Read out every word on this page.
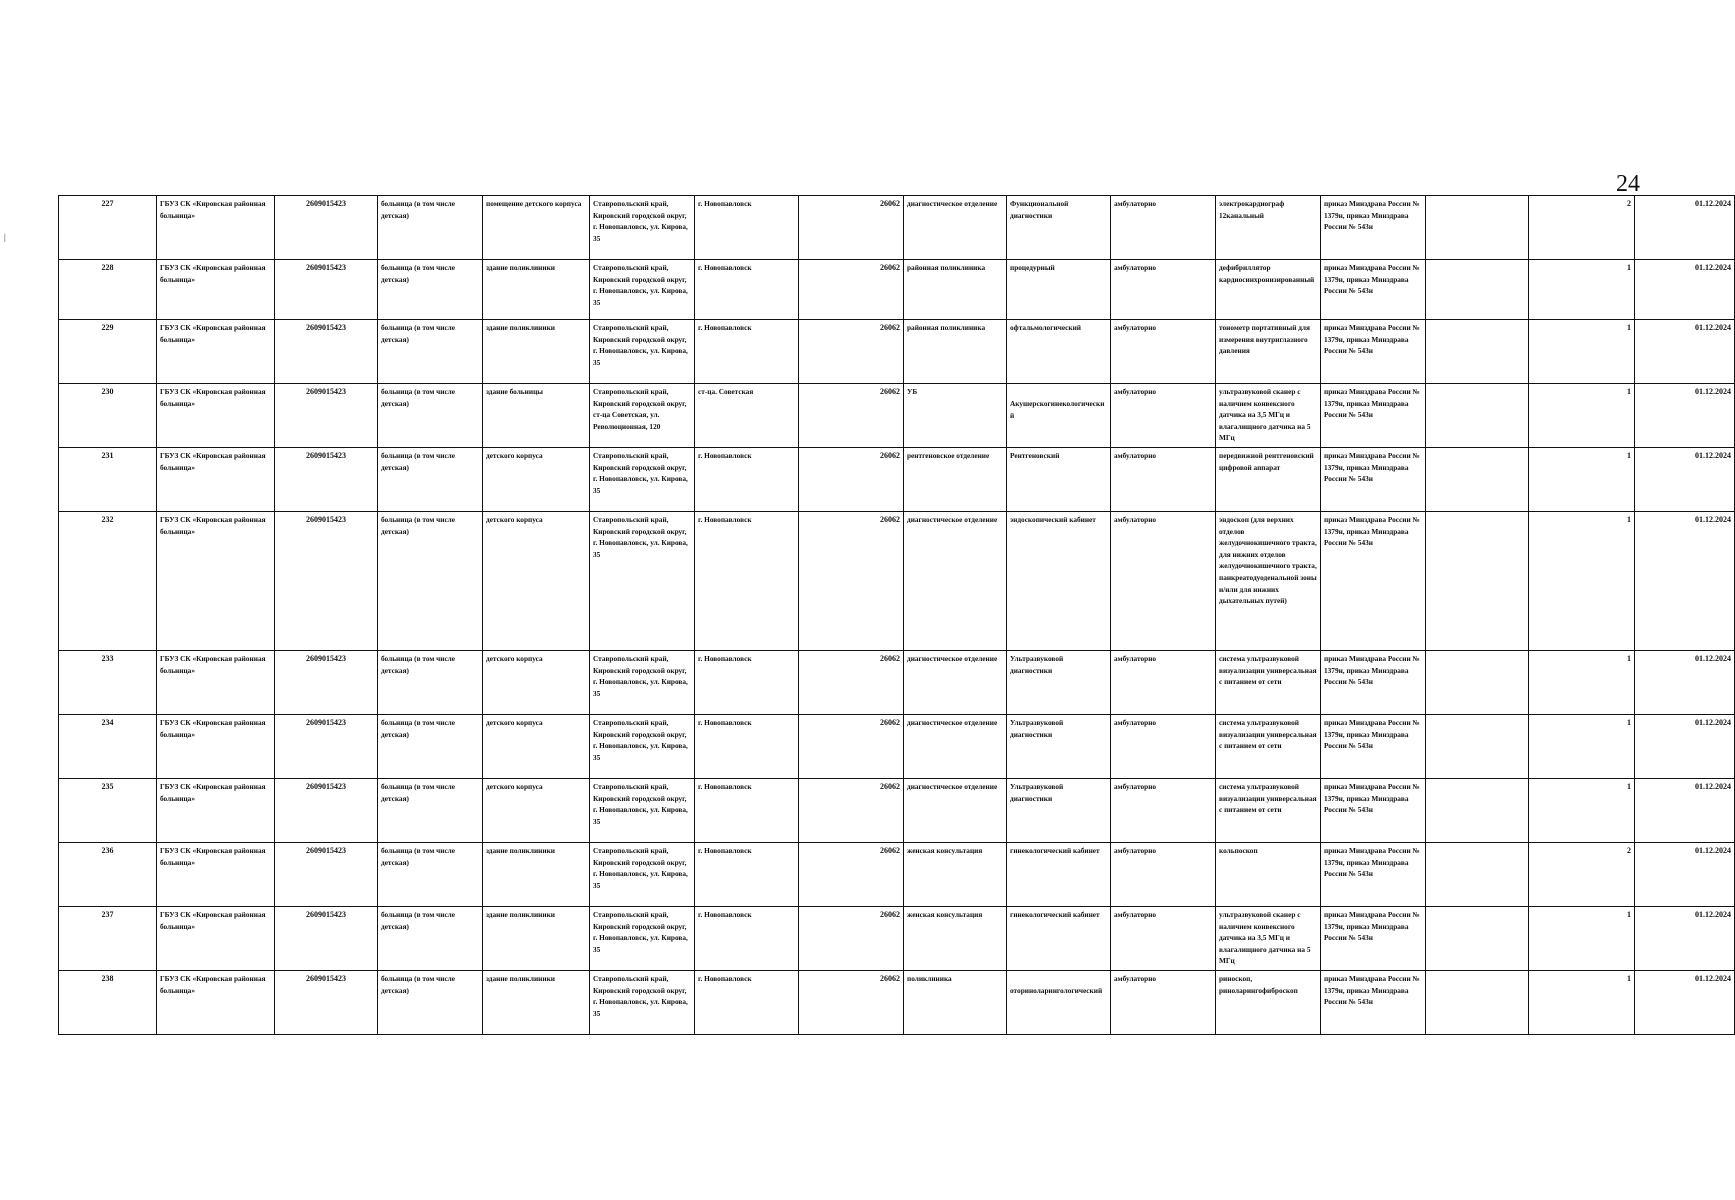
24
227	ГБУЗ СК «Кировская районная больница»	2609015423	больница (в том числе детская)	помещение детского корпуса	Ставропольский край, Кировский городской округ, г. Новопавловск, ул. Кирова, 35	г. Новопавловск	26062	диагностическое отделение	Функциональной диагностики	амбулаторно	электрокардиограф 12канальный	приказ Минздрава России № 1379н, приказ Минздрава России № 543н		2	01.12.2024
228	ГБУЗ СК «Кировская районная больница»	2609015423	больница (в том числе детская)	здание поликлиники	Ставропольский край, Кировский городской округ, г. Новопавловск, ул. Кирова, 35	г. Новопавловск	26062	районная поликлиника	процедурный	амбулаторно	дефибриллятор кардиосинхронизированный	приказ Минздрава России № 1379н, приказ Минздрава России № 543н		1	01.12.2024
229	ГБУЗ СК «Кировская районная больница»	2609015423	больница (в том числе детская)	здание поликлиники	Ставропольский край, Кировский городской округ, г. Новопавловск, ул. Кирова, 35	г. Новопавловск	26062	районная поликлиника	офтальмологический	амбулаторно	тонометр портативный для измерения внутриглазного давления	приказ Минздрава России № 1379н, приказ Минздрава России № 543н		1	01.12.2024
230	ГБУЗ СК «Кировская районная больница»	2609015423	больница (в том числе детская)	здание больницы	Ставропольский край, Кировский городской округ, ст-ца Советская, ул. Революционная, 120	ст-ца. Советская	26062	УБ	Акушерскогинекологический	амбулаторно	ультразвуковой сканер с наличием конвексного датчика на 3,5 МГц и влагалищного датчика на 5 МГц	приказ Минздрава России № 1379н, приказ Минздрава России № 543н		1	01.12.2024
231	ГБУЗ СК «Кировская районная больница»	2609015423	больница (в том числе детская)	детского корпуса	Ставропольский край, Кировский городской округ, г. Новопавловск, ул. Кирова, 35	г. Новопавловск	26062	рентгеновское отделение	Рентгеновский	амбулаторно	передвижной рентгеновский цифровой аппарат	приказ Минздрава России № 1379н, приказ Минздрава России № 543н		1	01.12.2024
232	ГБУЗ СК «Кировская районная больница»	2609015423	больница (в том числе детская)	детского корпуса	Ставропольский край, Кировский городской округ, г. Новопавловск, ул. Кирова, 35	г. Новопавловск	26062	диагностическое отделение	эндоскопический кабинет	амбулаторно	эндоскоп (для верхних отделов желудочнокишечного тракта, для нижних отделов желудочнокишечного тракта, панкреатодуоденальной зоны и/или для нижних дыхательных путей)	приказ Минздрава России № 1379н, приказ Минздрава России № 543н		1	01.12.2024
233	ГБУЗ СК «Кировская районная больница»	2609015423	больница (в том числе детская)	детского корпуса	Ставропольский край, Кировский городской округ, г. Новопавловск, ул. Кирова, 35	г. Новопавловск	26062	диагностическое отделение	Ультразвуковой диагностики	амбулаторно	система ультразвуковой визуализации универсальная с питанием от сети	приказ Минздрава России № 1379н, приказ Минздрава России № 543н		1	01.12.2024
234	ГБУЗ СК «Кировская районная больница»	2609015423	больница (в том числе детская)	детского корпуса	Ставропольский край, Кировский городской округ, г. Новопавловск, ул. Кирова, 35	г. Новопавловск	26062	диагностическое отделение	Ультразвуковой диагностики	амбулаторно	система ультразвуковой визуализации универсальная с питанием от сети	приказ Минздрава России № 1379н, приказ Минздрава России № 543н		1	01.12.2024
235	ГБУЗ СК «Кировская районная больница»	2609015423	больница (в том числе детская)	детского корпуса	Ставропольский край, Кировский городской округ, г. Новопавловск, ул. Кирова, 35	г. Новопавловск	26062	диагностическое отделение	Ультразвуковой диагностики	амбулаторно	система ультразвуковой визуализации универсальная с питанием от сети	приказ Минздрава России № 1379н, приказ Минздрава России № 543н		1	01.12.2024
236	ГБУЗ СК «Кировская районная больница»	2609015423	больница (в том числе детская)	здание поликлиники	Ставропольский край, Кировский городской округ, г. Новопавловск, ул. Кирова, 35	г. Новопавловск	26062	женская консультация	гинекологический кабинет	амбулаторно	кольпоскоп	приказ Минздрава России № 1379н, приказ Минздрава России № 543н		2	01.12.2024
237	ГБУЗ СК «Кировская районная больница»	2609015423	больница (в том числе детская)	здание поликлиники	Ставропольский край, Кировский городской округ, г. Новопавловск, ул. Кирова, 35	г. Новопавловск	26062	женская консультация	гинекологический кабинет	амбулаторно	ультразвуковой сканер с наличием конвексного датчика на 3,5 МГц и влагалищного датчика на 5 МГц	приказ Минздрава России № 1379н, приказ Минздрава России № 543н		1	01.12.2024
238	ГБУЗ СК «Кировская районная больница»	2609015423	больница (в том числе детская)	здание поликлиники	Ставропольский край, Кировский городской округ, г. Новопавловск, ул. Кирова, 35	г. Новопавловск	26062	поликлиника	оториноларингологический	амбулаторно	риноскоп, риноларингофиброскоп	приказ Минздрава России № 1379н, приказ Минздрава России № 543н		1	01.12.2024
|
